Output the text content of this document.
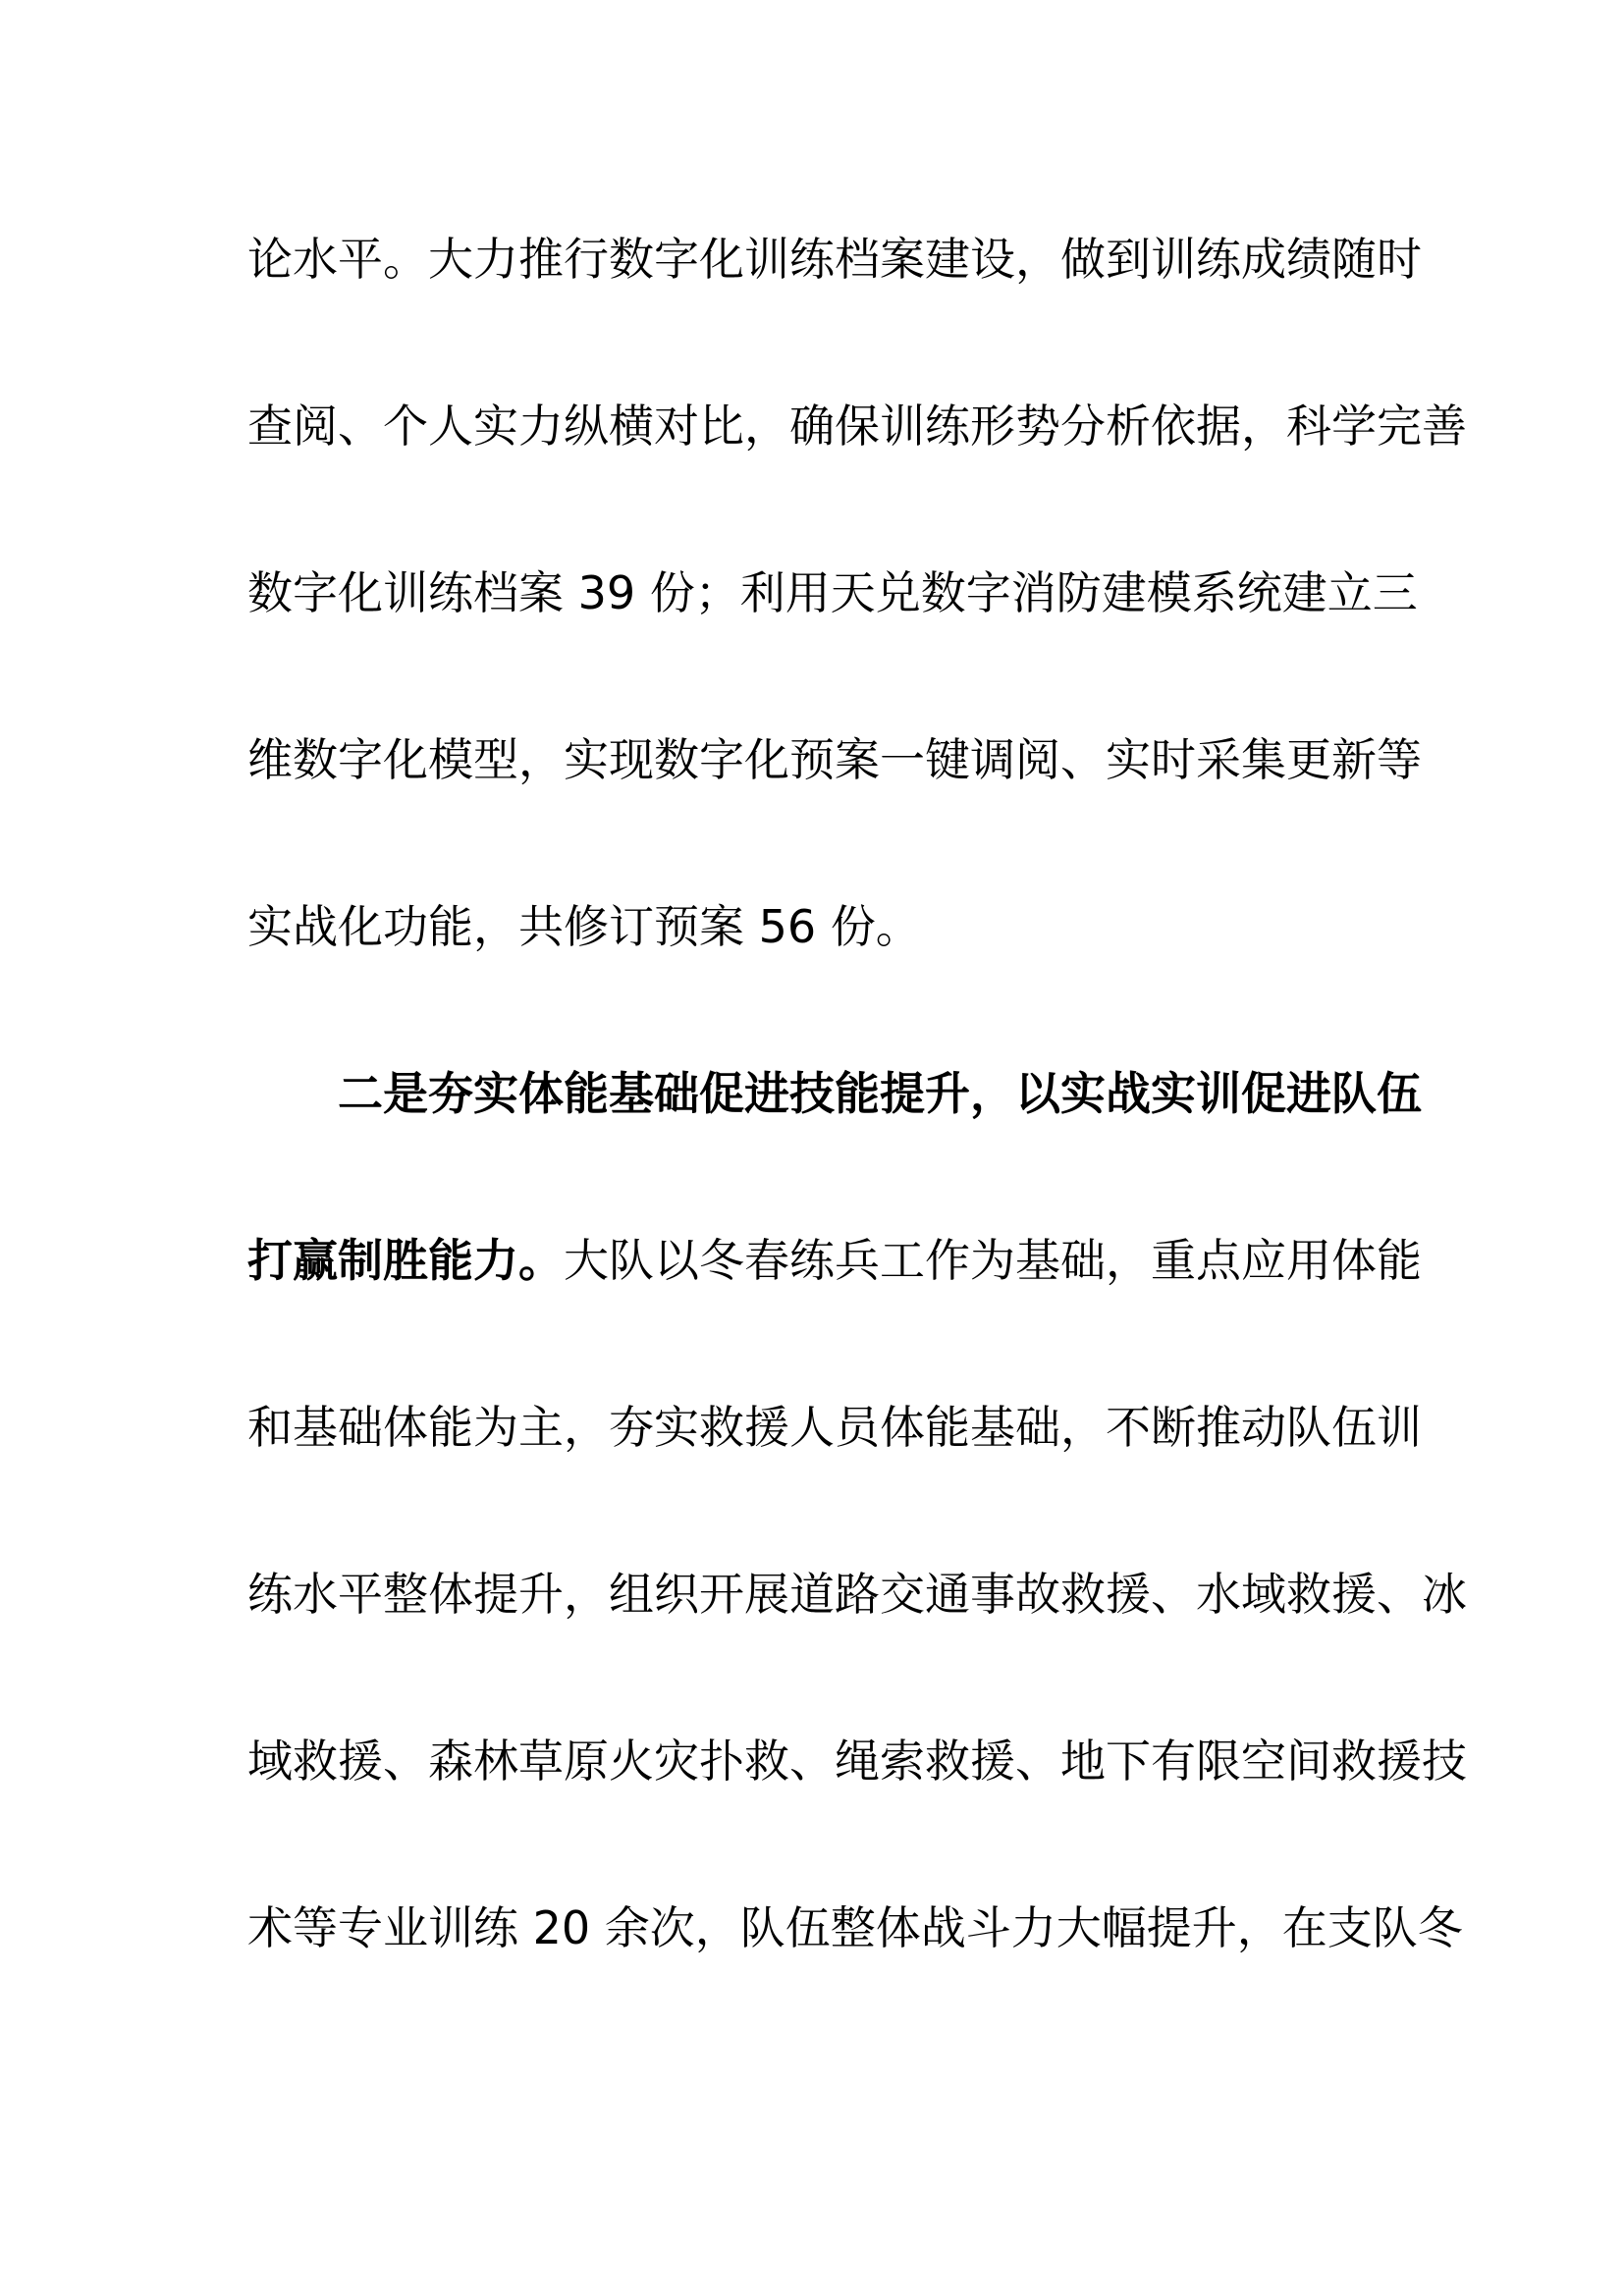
论水平。大力推行数字化训练档案建设，做到训练成绩随时
查阅、个人实力纵横对比，确保训练形势分析依据，科学完善
数字化训练档案 39 份；利用天兑数字消防建模系统建立三
维数字化模型，实现数字化预案一键调阅、实时采集更新等
实战化功能，共修订预案 56 份。
二是夯实体能基础促进技能提升，以实战实训促进队伍
打赢制胜能力。大队以冬春练兵工作为基础，重点应用体能
和基础体能为主，夯实救援人员体能基础，不断推动队伍训
练水平整体提升，组织开展道路交通事故救援、水域救援、冰
域救援、森林草原火灾扑救、绳索救援、地下有限空间救援技
术等专业训练 20 余次，队伍整体战斗力大幅提升，在支队冬
